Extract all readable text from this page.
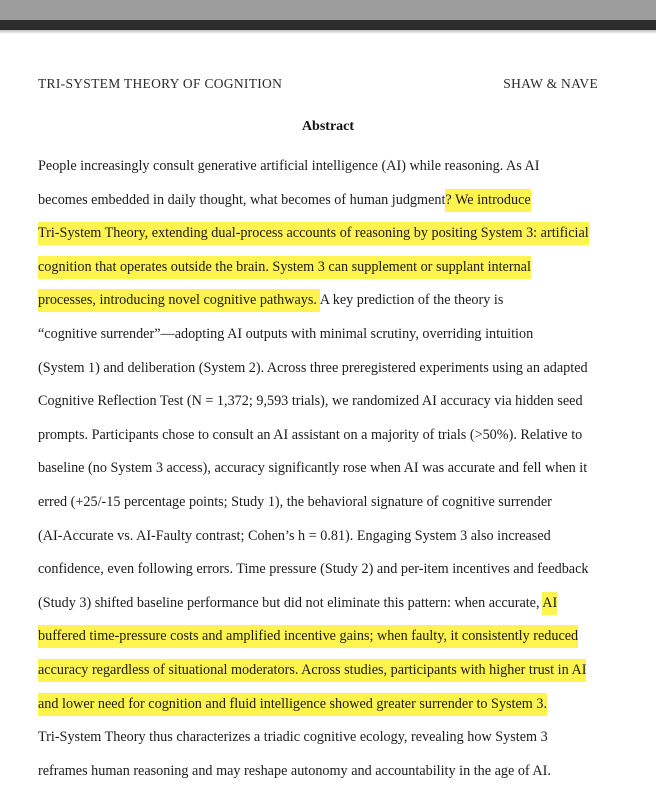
TRI-SYSTEM THEORY OF COGNITION	SHAW & NAVE
Abstract
People increasingly consult generative artificial intelligence (AI) while reasoning. As AI
becomes embedded in daily thought, what becomes of human judgment? We introduce
Tri-System Theory, extending dual-process accounts of reasoning by positing System 3: artificial
cognition that operates outside the brain. System 3 can supplement or supplant internal
processes, introducing novel cognitive pathways. A key prediction of the theory is
“cognitive surrender”—adopting AI outputs with minimal scrutiny, overriding intuition
(System 1) and deliberation (System 2). Across three preregistered experiments using an adapted
Cognitive Reflection Test (N = 1,372; 9,593 trials), we randomized AI accuracy via hidden seed
prompts. Participants chose to consult an AI assistant on a majority of trials (>50%). Relative to
baseline (no System 3 access), accuracy significantly rose when AI was accurate and fell when it
erred (+25/-15 percentage points; Study 1), the behavioral signature of cognitive surrender
(AI-Accurate vs. AI-Faulty contrast; Cohen’s h = 0.81). Engaging System 3 also increased
confidence, even following errors. Time pressure (Study 2) and per-item incentives and feedback
(Study 3) shifted baseline performance but did not eliminate this pattern: when accurate, AI
buffered time-pressure costs and amplified incentive gains; when faulty, it consistently reduced
accuracy regardless of situational moderators. Across studies, participants with higher trust in AI
and lower need for cognition and fluid intelligence showed greater surrender to System 3.
Tri-System Theory thus characterizes a triadic cognitive ecology, revealing how System 3
reframes human reasoning and may reshape autonomy and accountability in the age of AI.
